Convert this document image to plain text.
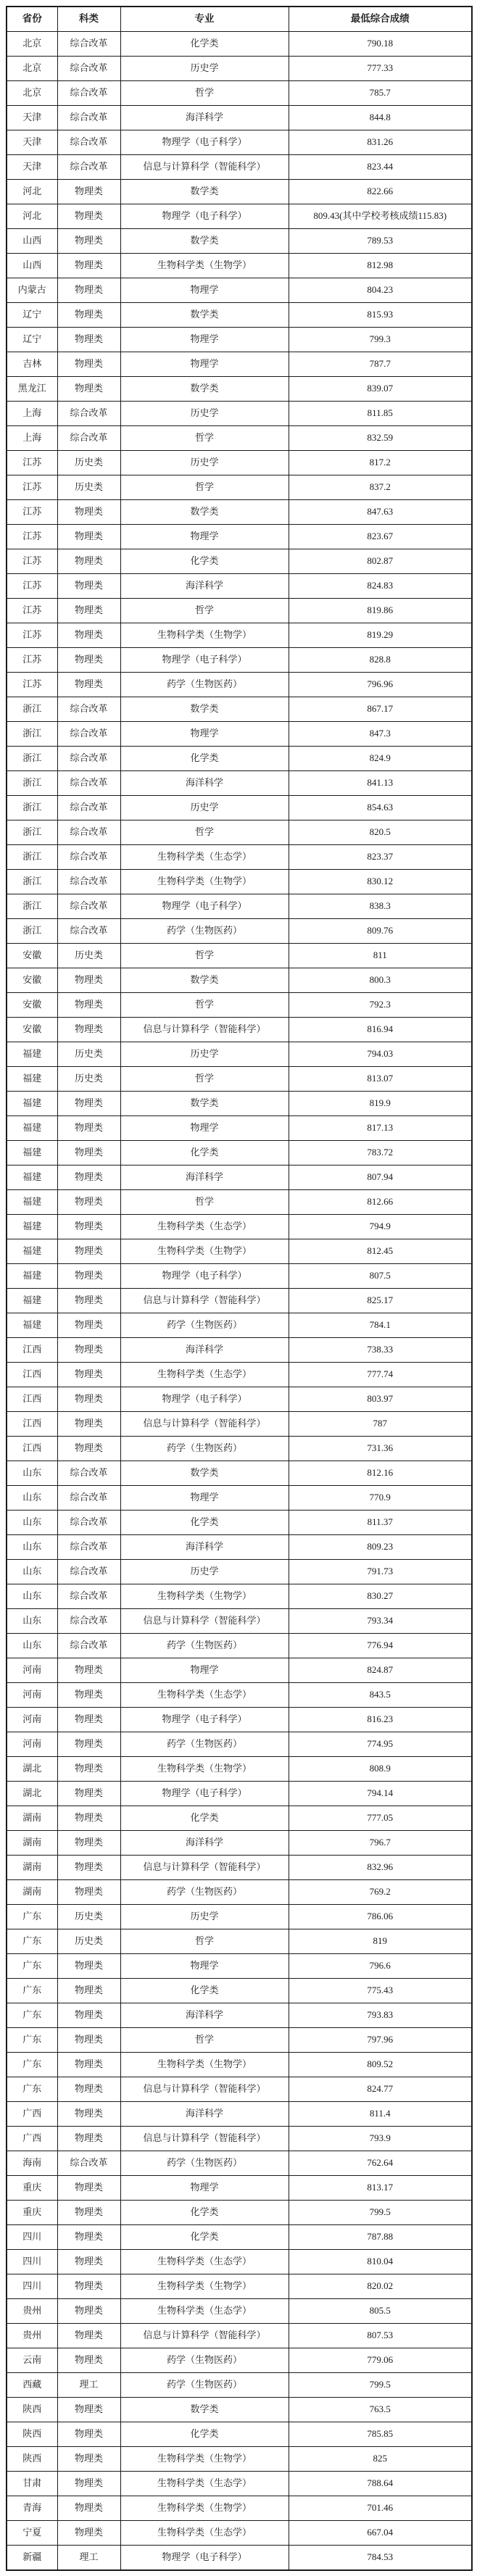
省份	科类	专业	最低综合成绩
北京	综合改革	化学类	790.18
北京	综合改革	历史学	777.33
北京	综合改革	哲学	785.7
天津	综合改革	海洋科学	844.8
天津	综合改革	物理学（电子科学）	831.26
天津	综合改革	信息与计算科学（智能科学）	823.44
河北	物理类	数学类	822.66
河北	物理类	物理学（电子科学）	809.43(其中学校考核成绩115.83)
山西	物理类	数学类	789.53
山西	物理类	生物科学类（生物学）	812.98
内蒙古	物理类	物理学	804.23
辽宁	物理类	数学类	815.93
辽宁	物理类	物理学	799.3
吉林	物理类	物理学	787.7
黑龙江	物理类	数学类	839.07
上海	综合改革	历史学	811.85
上海	综合改革	哲学	832.59
江苏	历史类	历史学	817.2
江苏	历史类	哲学	837.2
江苏	物理类	数学类	847.63
江苏	物理类	物理学	823.67
江苏	物理类	化学类	802.87
江苏	物理类	海洋科学	824.83
江苏	物理类	哲学	819.86
江苏	物理类	生物科学类（生物学）	819.29
江苏	物理类	物理学（电子科学）	828.8
江苏	物理类	药学（生物医药）	796.96
浙江	综合改革	数学类	867.17
浙江	综合改革	物理学	847.3
浙江	综合改革	化学类	824.9
浙江	综合改革	海洋科学	841.13
浙江	综合改革	历史学	854.63
浙江	综合改革	哲学	820.5
浙江	综合改革	生物科学类（生态学）	823.37
浙江	综合改革	生物科学类（生物学）	830.12
浙江	综合改革	物理学（电子科学）	838.3
浙江	综合改革	药学（生物医药）	809.76
安徽	历史类	哲学	811
安徽	物理类	数学类	800.3
安徽	物理类	哲学	792.3
安徽	物理类	信息与计算科学（智能科学）	816.94
福建	历史类	历史学	794.03
福建	历史类	哲学	813.07
福建	物理类	数学类	819.9
福建	物理类	物理学	817.13
福建	物理类	化学类	783.72
福建	物理类	海洋科学	807.94
福建	物理类	哲学	812.66
福建	物理类	生物科学类（生态学）	794.9
福建	物理类	生物科学类（生物学）	812.45
福建	物理类	物理学（电子科学）	807.5
福建	物理类	信息与计算科学（智能科学）	825.17
福建	物理类	药学（生物医药）	784.1
江西	物理类	海洋科学	738.33
江西	物理类	生物科学类（生态学）	777.74
江西	物理类	物理学（电子科学）	803.97
江西	物理类	信息与计算科学（智能科学）	787
江西	物理类	药学（生物医药）	731.36
山东	综合改革	数学类	812.16
山东	综合改革	物理学	770.9
山东	综合改革	化学类	811.37
山东	综合改革	海洋科学	809.23
山东	综合改革	历史学	791.73
山东	综合改革	生物科学类（生物学）	830.27
山东	综合改革	信息与计算科学（智能科学）	793.34
山东	综合改革	药学（生物医药）	776.94
河南	物理类	物理学	824.87
河南	物理类	生物科学类（生态学）	843.5
河南	物理类	物理学（电子科学）	816.23
河南	物理类	药学（生物医药）	774.95
湖北	物理类	生物科学类（生物学）	808.9
湖北	物理类	物理学（电子科学）	794.14
湖南	物理类	化学类	777.05
湖南	物理类	海洋科学	796.7
湖南	物理类	信息与计算科学（智能科学）	832.96
湖南	物理类	药学（生物医药）	769.2
广东	历史类	历史学	786.06
广东	历史类	哲学	819
广东	物理类	物理学	796.6
广东	物理类	化学类	775.43
广东	物理类	海洋科学	793.83
广东	物理类	哲学	797.96
广东	物理类	生物科学类（生物学）	809.52
广东	物理类	信息与计算科学（智能科学）	824.77
广西	物理类	海洋科学	811.4
广西	物理类	信息与计算科学（智能科学）	793.9
海南	综合改革	药学（生物医药）	762.64
重庆	物理类	物理学	813.17
重庆	物理类	化学类	799.5
四川	物理类	化学类	787.88
四川	物理类	生物科学类（生态学）	810.04
四川	物理类	生物科学类（生物学）	820.02
贵州	物理类	生物科学类（生态学）	805.5
贵州	物理类	信息与计算科学（智能科学）	807.53
云南	物理类	药学（生物医药）	779.06
西藏	理工	药学（生物医药）	799.5
陕西	物理类	数学类	763.5
陕西	物理类	化学类	785.85
陕西	物理类	生物科学类（生物学）	825
甘肃	物理类	生物科学类（生态学）	788.64
青海	物理类	生物科学类（生物学）	701.46
宁夏	物理类	生物科学类（生态学）	667.04
新疆	理工	物理学（电子科学）	784.53
